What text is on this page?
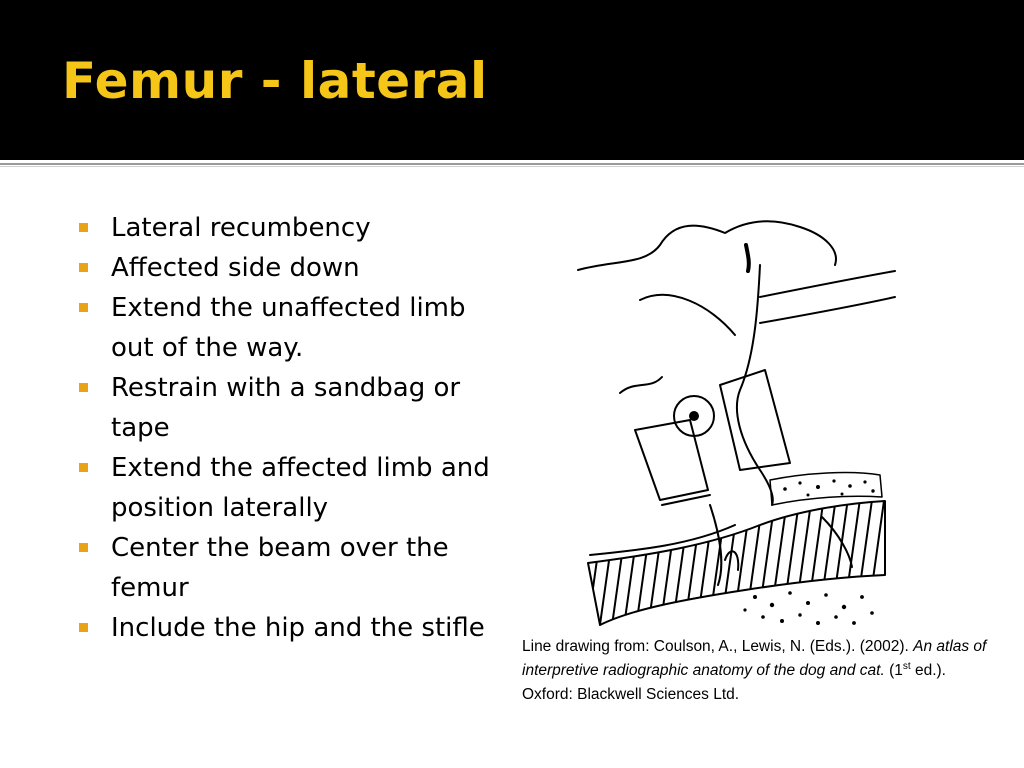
Femur - lateral
Lateral recumbency
Affected side down
Extend the unaffected limb out of the way.
Restrain with a sandbag or tape
Extend the affected limb and position laterally
Center the beam over the femur
Include the hip and the stifle
Line drawing from: Coulson, A., Lewis, N. (Eds.). (2002). An atlas of interpretive radiographic anatomy of the dog and cat. (1st ed.). Oxford: Blackwell Sciences Ltd.
